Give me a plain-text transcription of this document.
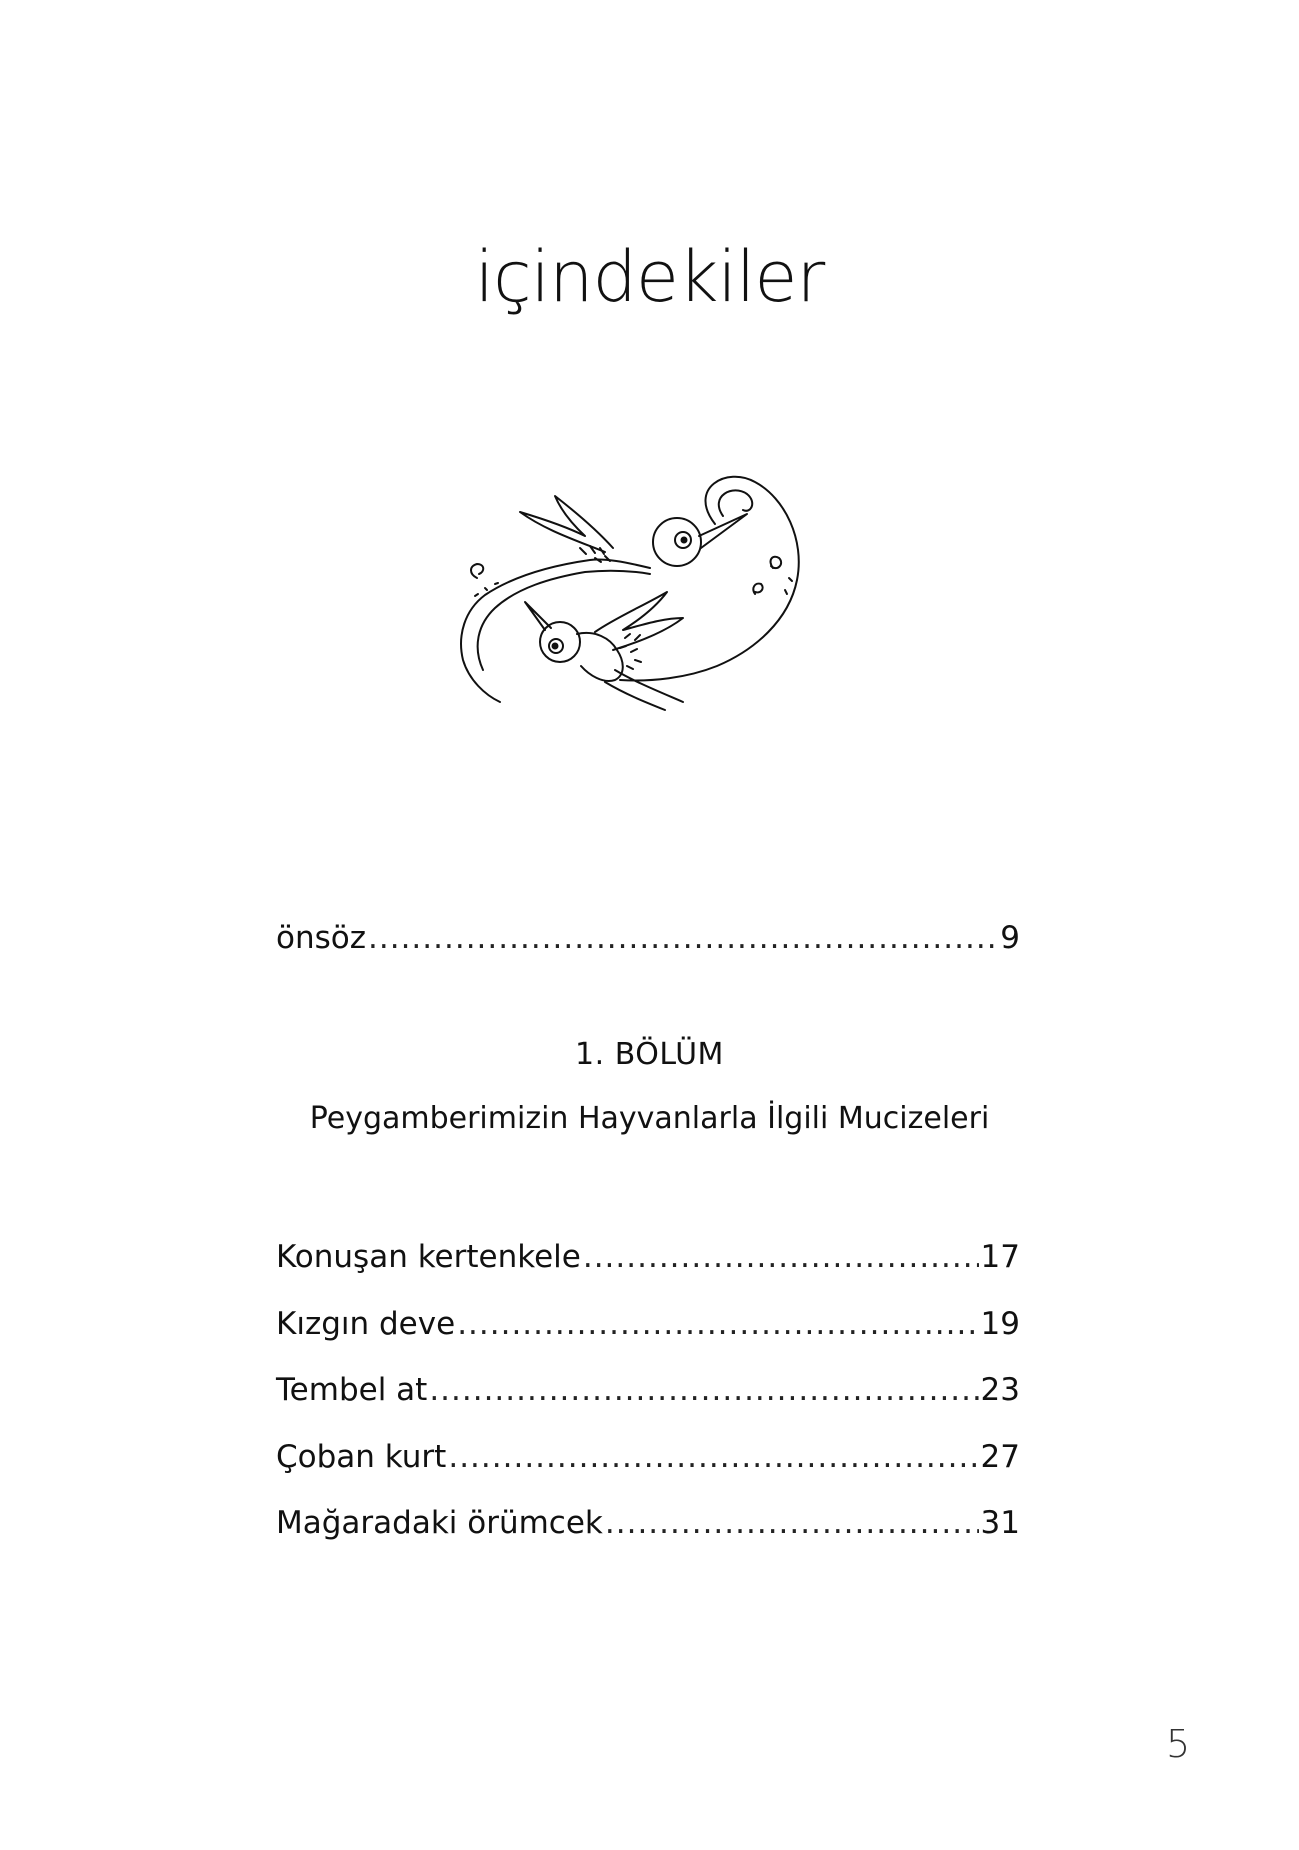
içindekiler
önsöz .....	9
1. BÖLÜM
Peygamberimizin Hayvanlarla İlgili Mucizeleri
Konuşan kertenkele .....	17
Kızgın deve .....	19
Tembel at .....	23
Çoban kurt .....	27
Mağaradaki örümcek .....	31
5
